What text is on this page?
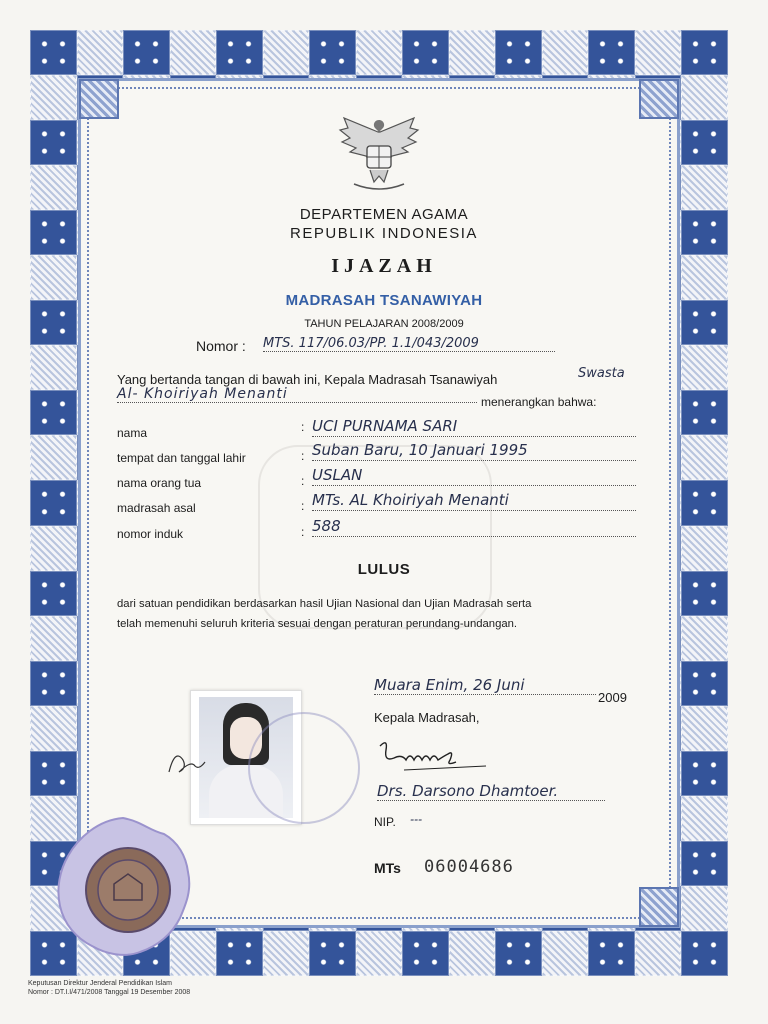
DEPARTEMEN AGAMA
REPUBLIK INDONESIA
IJAZAH
MADRASAH TSANAWIYAH
TAHUN PELAJARAN 2008/2009
Nomor : MTS. 117/06.03/PP. 1.1/043/2009
Yang bertanda tangan di bawah ini, Kepala Madrasah Tsanawiyah	Swasta
Al- Khoiriyah Menanti	menerangkan bahwa:
nama	: UCI PURNAMA SARI
tempat dan tanggal lahir	: Suban Baru, 10 Januari 1995
nama orang tua	: USLAN
madrasah asal	: MTs. AL Khoiriyah Menanti
nomor induk	: 588
LULUS
dari satuan pendidikan berdasarkan hasil Ujian Nasional dan Ujian Madrasah serta
telah memenuhi seluruh kriteria sesuai dengan peraturan perundang-undangan.
Muara Enim, 26 Juni
2009
Kepala Madrasah,
Drs. Darsono Dhamtoer.
NIP. ---
MTs 06004686
Keputusan Direktur Jenderal Pendidikan Islam
Nomor : DT.I.I/471/2008 Tanggal 19 Desember 2008
